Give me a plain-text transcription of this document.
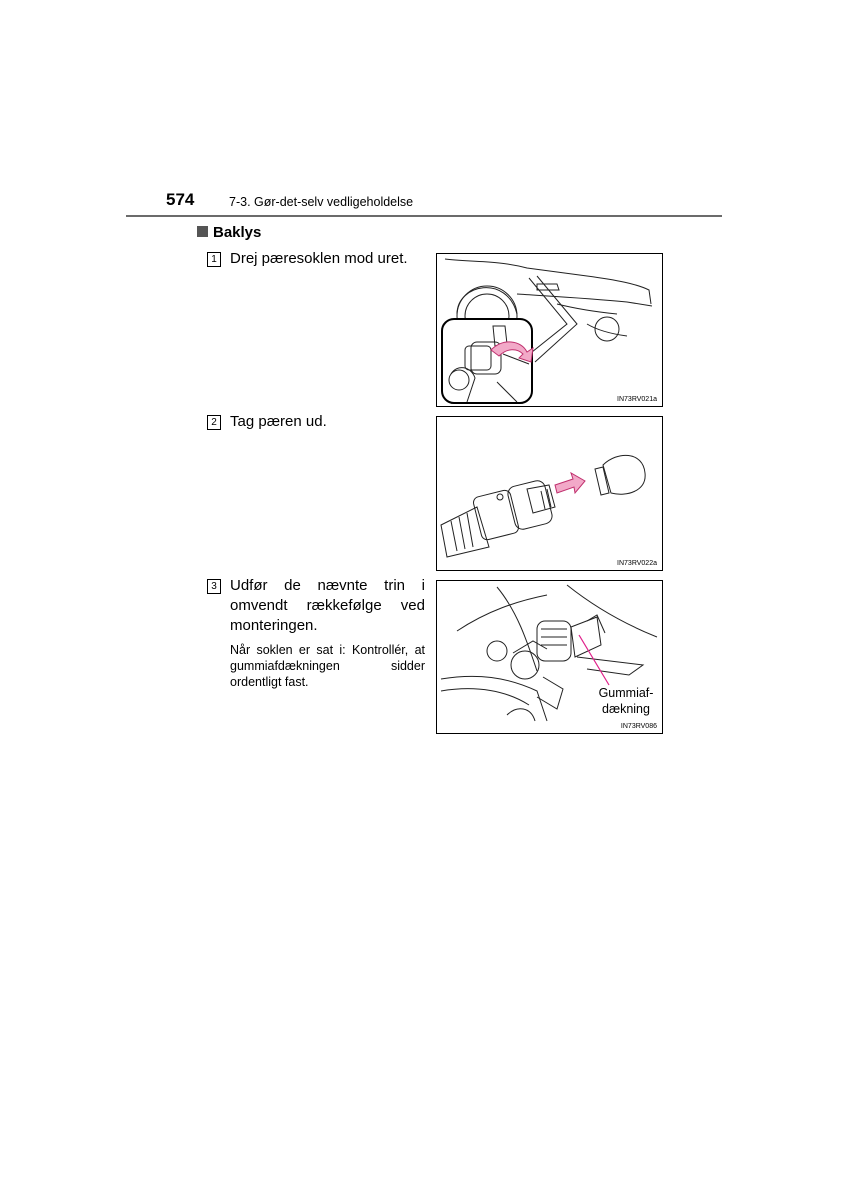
574	7-3. Gør-det-selv vedligeholdelse
Baklys
1 Drej pæresoklen mod uret.
2 Tag pæren ud.
3 Udfør de nævnte trin i omvendt rækkefølge ved monteringen.
Når soklen er sat i: Kontrollér, at gummiafdækningen sidder ordentligt fast.
IN73RV021a
IN73RV022a
Gummiaf-
dækning
IN73RV086
